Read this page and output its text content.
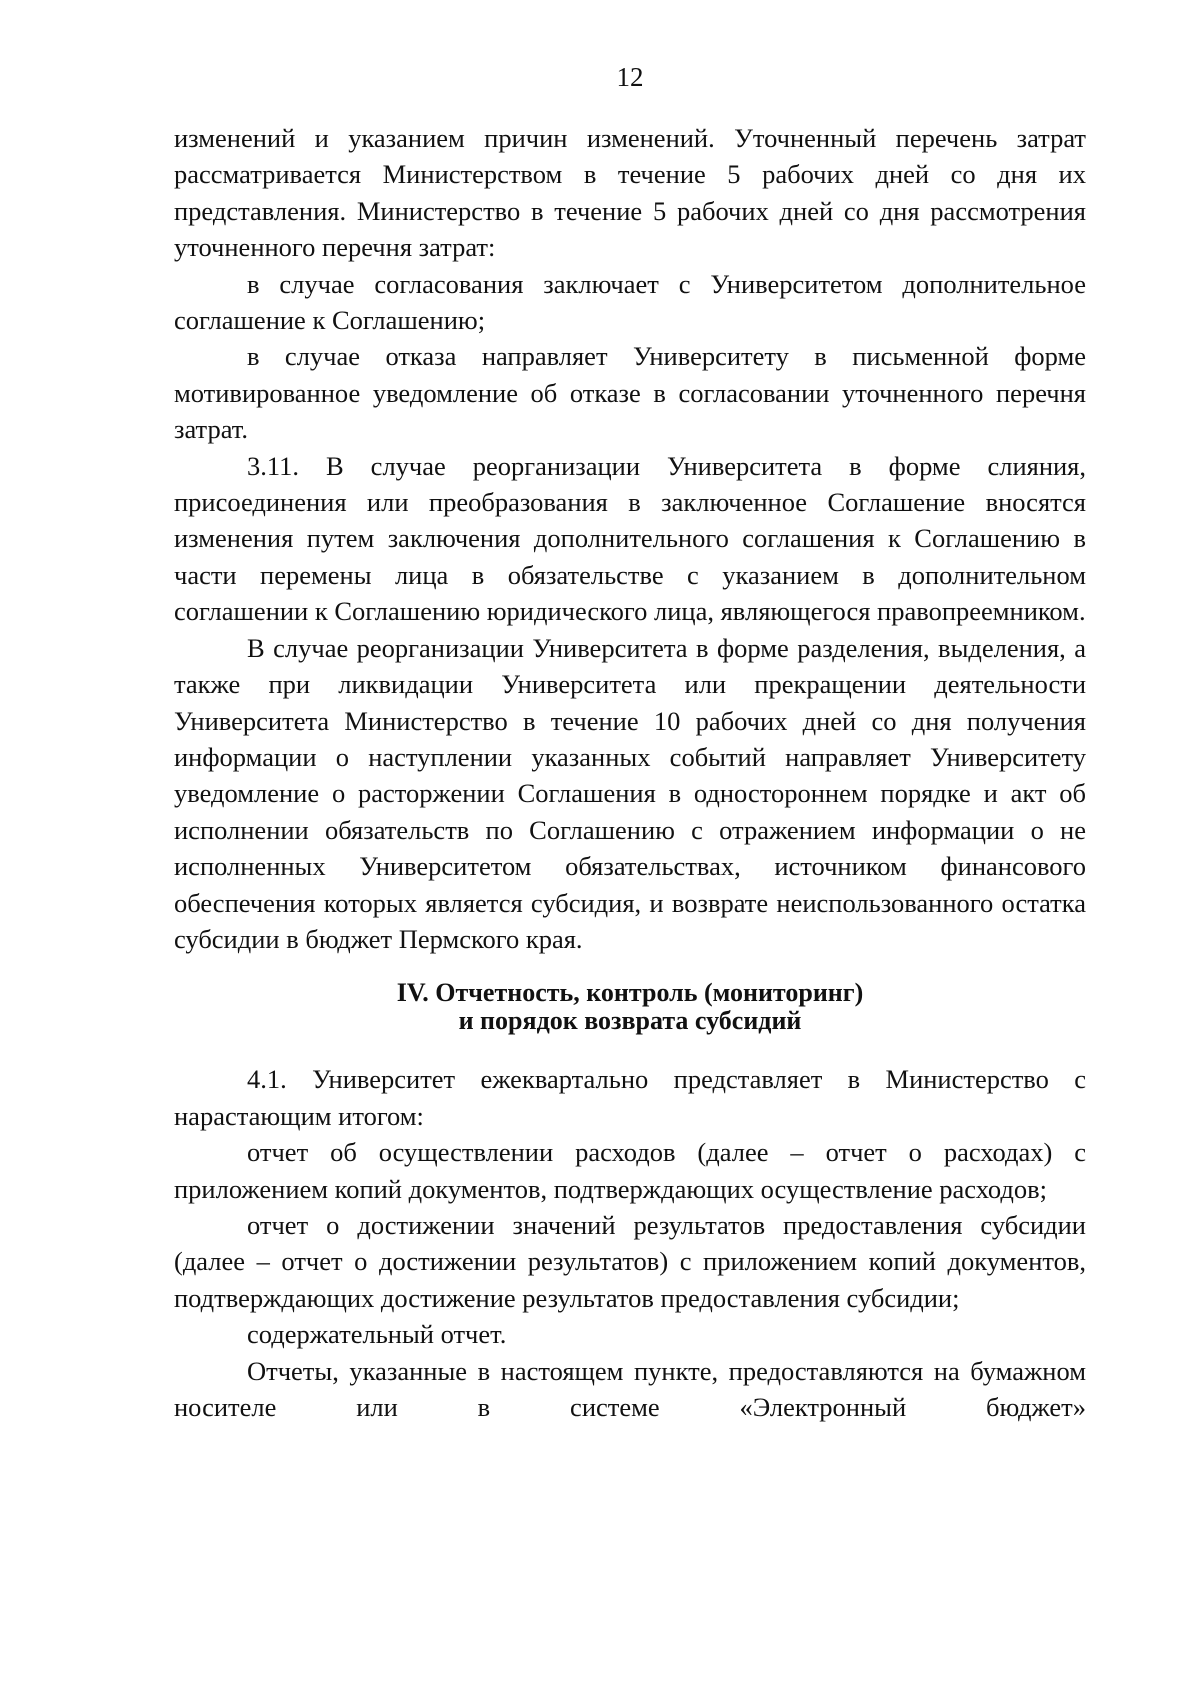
12

изменений и указанием причин изменений. Уточненный перечень затрат рассматривается Министерством в течение 5 рабочих дней со дня их представления. Министерство в течение 5 рабочих дней со дня рассмотрения уточненного перечня затрат:

в случае согласования заключает с Университетом дополнительное соглашение к Соглашению;

в случае отказа направляет Университету в письменной форме мотивированное уведомление об отказе в согласовании уточненного перечня затрат.

3.11. В случае реорганизации Университета в форме слияния, присоединения или преобразования в заключенное Соглашение вносятся изменения путем заключения дополнительного соглашения к Соглашению в части перемены лица в обязательстве с указанием в дополнительном соглашении к Соглашению юридического лица, являющегося правопреемником.

В случае реорганизации Университета в форме разделения, выделения, а также при ликвидации Университета или прекращении деятельности Университета Министерство в течение 10 рабочих дней со дня получения информации о наступлении указанных событий направляет Университету уведомление о расторжении Соглашения в одностороннем порядке и акт об исполнении обязательств по Соглашению с отражением информации о не исполненных Университетом обязательствах, источником финансового обеспечения которых является субсидия, и возврате неиспользованного остатка субсидии в бюджет Пермского края.

IV. Отчетность, контроль (мониторинг)
и порядок возврата субсидий

4.1. Университет ежеквартально представляет в Министерство с нарастающим итогом:

отчет об осуществлении расходов (далее – отчет о расходах) с приложением копий документов, подтверждающих осуществление расходов;

отчет о достижении значений результатов предоставления субсидии (далее – отчет о достижении результатов) с приложением копий документов, подтверждающих достижение результатов предоставления субсидии;

содержательный отчет.

Отчеты, указанные в настоящем пункте, предоставляются на бумажном носителе или в системе «Электронный бюджет»
